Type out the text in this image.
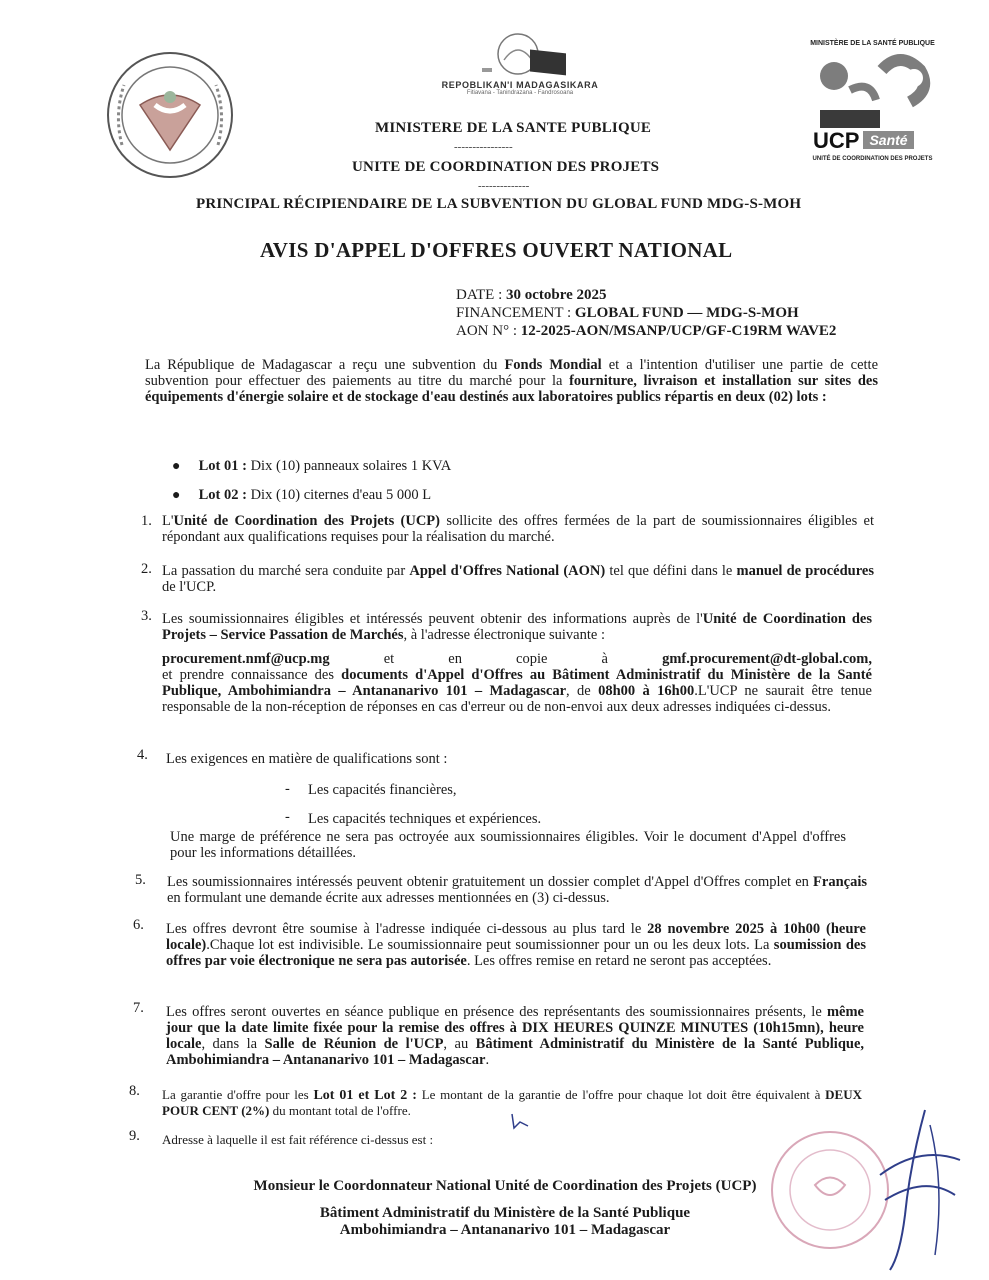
REPOBLIKAN'I MADAGASIKARA
Fitiavana - Tanindrazana - Fandrosoana
MINISTÈRE DE LA SANTÉ PUBLIQUE
UCP Santé
UNITÉ DE COORDINATION DES PROJETS
MINISTERE DE LA SANTE PUBLIQUE
----------------
UNITE DE COORDINATION DES PROJETS
--------------
PRINCIPAL RÉCIPIENDAIRE DE LA SUBVENTION DU GLOBAL FUND MDG-S-MOH
AVIS D'APPEL D'OFFRES OUVERT NATIONAL
DATE : 30 octobre 2025
FINANCEMENT : GLOBAL FUND — MDG-S-MOH
AON N° : 12-2025-AON/MSANP/UCP/GF-C19RM WAVE2
La République de Madagascar a reçu une subvention du Fonds Mondial et a l'intention d'utiliser une partie de cette subvention pour effectuer des paiements au titre du marché pour la fourniture, livraison et installation sur sites des équipements d'énergie solaire et de stockage d'eau destinés aux laboratoires publics répartis en deux (02) lots :
● Lot 01 : Dix (10) panneaux solaires 1 KVA
● Lot 02 : Dix (10) citernes d'eau 5 000 L
1. L'Unité de Coordination des Projets (UCP) sollicite des offres fermées de la part de soumissionnaires éligibles et répondant aux qualifications requises pour la réalisation du marché.
2. La passation du marché sera conduite par Appel d'Offres National (AON) tel que défini dans le manuel de procédures de l'UCP.
3. Les soumissionnaires éligibles et intéressés peuvent obtenir des informations auprès de l'Unité de Coordination des Projets – Service Passation de Marchés, à l'adresse électronique suivante :
procurement.nmf@ucp.mg	et	en	copie	à	gmf.procurement@dt-global.com,
et prendre connaissance des documents d'Appel d'Offres au Bâtiment Administratif du Ministère de la Santé Publique, Ambohimiandra – Antananarivo 101 – Madagascar, de 08h00 à 16h00.L'UCP ne saurait être tenue responsable de la non-réception de réponses en cas d'erreur ou de non-envoi aux deux adresses indiquées ci-dessus.
4. Les exigences en matière de qualifications sont :
- Les capacités financières,
- Les capacités techniques et expériences.
Une marge de préférence ne sera pas octroyée aux soumissionnaires éligibles. Voir le document d'Appel d'offres pour les informations détaillées.
5. Les soumissionnaires intéressés peuvent obtenir gratuitement un dossier complet d'Appel d'Offres complet en Français en formulant une demande écrite aux adresses mentionnées en (3) ci-dessus.
6. Les offres devront être soumise à l'adresse indiquée ci-dessous au plus tard le 28 novembre 2025 à 10h00 (heure locale).Chaque lot est indivisible. Le soumissionnaire peut soumissionner pour un ou les deux lots. La soumission des offres par voie électronique ne sera pas autorisée. Les offres remise en retard ne seront pas acceptées.
7. Les offres seront ouvertes en séance publique en présence des représentants des soumissionnaires présents, le même jour que la date limite fixée pour la remise des offres à DIX HEURES QUINZE MINUTES (10h15mn), heure locale, dans la Salle de Réunion de l'UCP, au Bâtiment Administratif du Ministère de la Santé Publique, Ambohimiandra – Antananarivo 101 – Madagascar.
8. La garantie d'offre pour les Lot 01 et Lot 2 : Le montant de la garantie de l'offre pour chaque lot doit être équivalent à DEUX POUR CENT (2%) du montant total de l'offre.
9. Adresse à laquelle il est fait référence ci-dessus est :
Monsieur le Coordonnateur National Unité de Coordination des Projets (UCP)
Bâtiment Administratif du Ministère de la Santé Publique
Ambohimiandra – Antananarivo 101 – Madagascar
